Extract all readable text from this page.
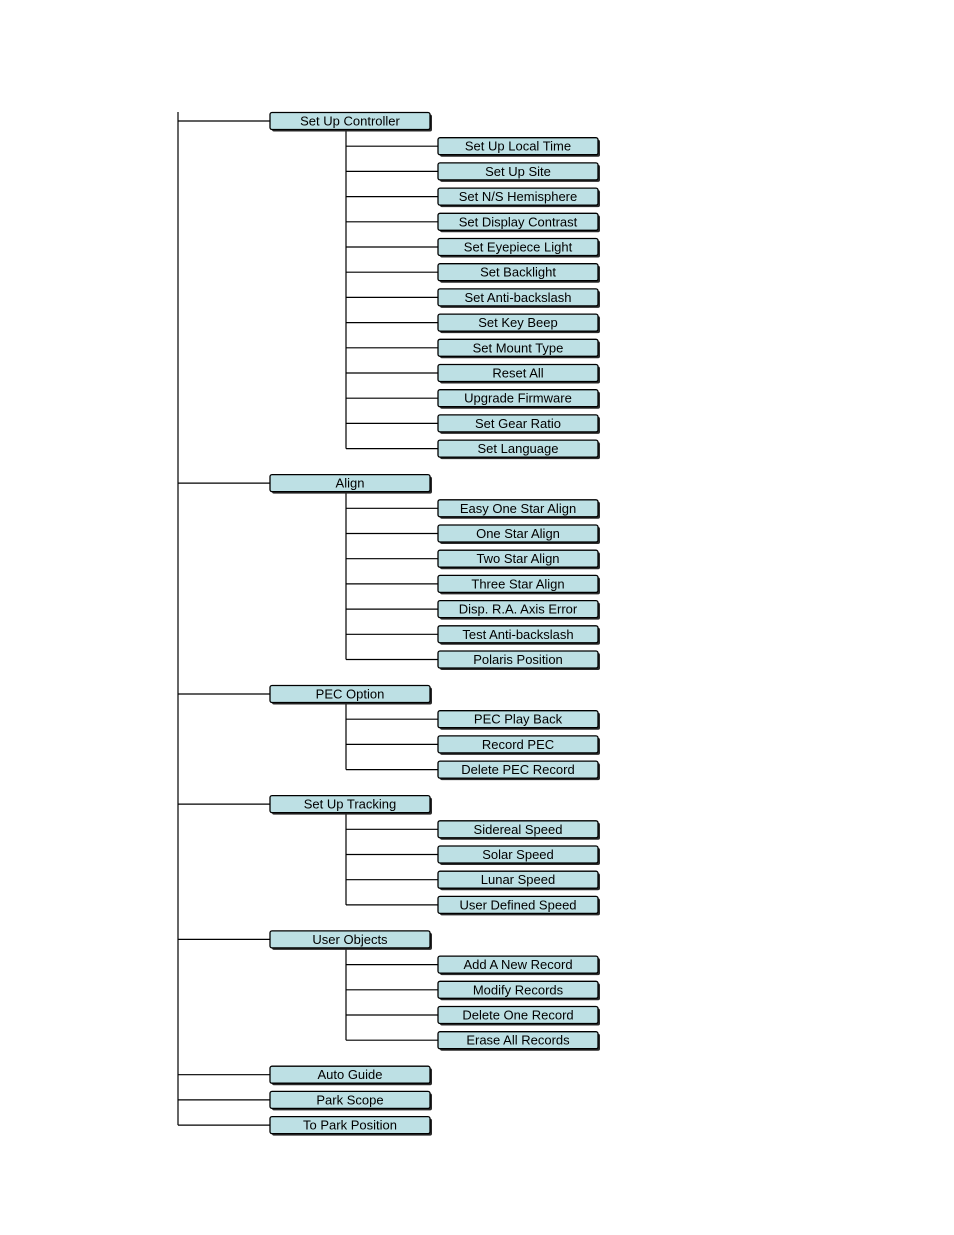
Set Up Controller
Set Up Local Time
Set Up Site
Set N/S Hemisphere
Set Display Contrast
Set Eyepiece Light
Set Backlight
Set Anti-backslash
Set Key Beep
Set Mount Type
Reset All
Upgrade Firmware
Set Gear Ratio
Set Language
Align
Easy One Star Align
One Star Align
Two Star Align
Three Star Align
Disp. R.A. Axis Error
Test Anti-backslash
Polaris Position
PEC Option
PEC Play Back
Record PEC
Delete PEC Record
Set Up Tracking
Sidereal Speed
Solar Speed
Lunar Speed
User Defined Speed
User Objects
Add A New Record
Modify Records
Delete One Record
Erase All Records
Auto Guide
Park Scope
To Park Position
